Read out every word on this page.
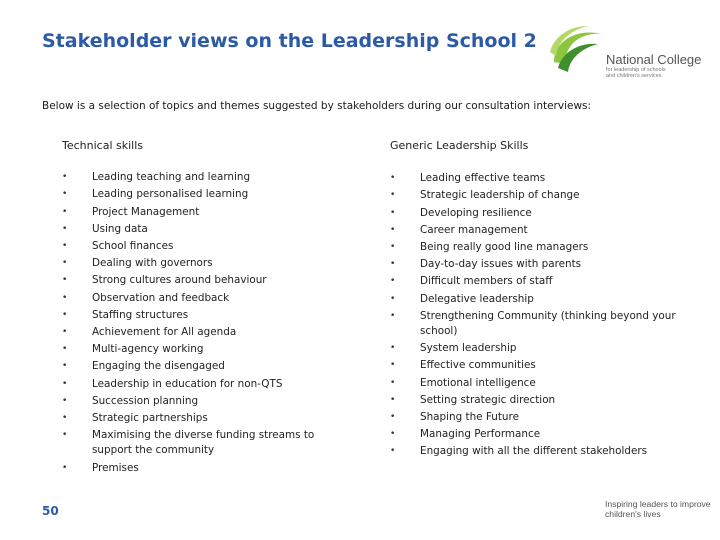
Stakeholder views on the Leadership School 2
National College
for leadership of schools and children's services
Below is a selection of topics and themes suggested by stakeholders during our consultation interviews:
Technical skills
• Leading teaching and learning
• Leading personalised learning
• Project Management
• Using data
• School finances
• Dealing with governors
• Strong cultures around behaviour
• Observation and feedback
• Staffing structures
• Achievement for All agenda
• Multi-agency working
• Engaging the disengaged
• Leadership in education for non-QTS
• Succession planning
• Strategic partnerships
• Maximising the diverse funding streams to support the community
• Premises
Generic Leadership Skills
• Leading effective teams
• Strategic leadership of change
• Developing resilience
• Career management
• Being really good line managers
• Day-to-day issues with parents
• Difficult members of staff
• Delegative leadership
• Strengthening Community (thinking beyond your school)
• System leadership
• Effective communities
• Emotional intelligence
• Setting strategic direction
• Shaping the Future
• Managing Performance
• Engaging with all the different stakeholders
50	Inspiring leaders to improve children's lives
